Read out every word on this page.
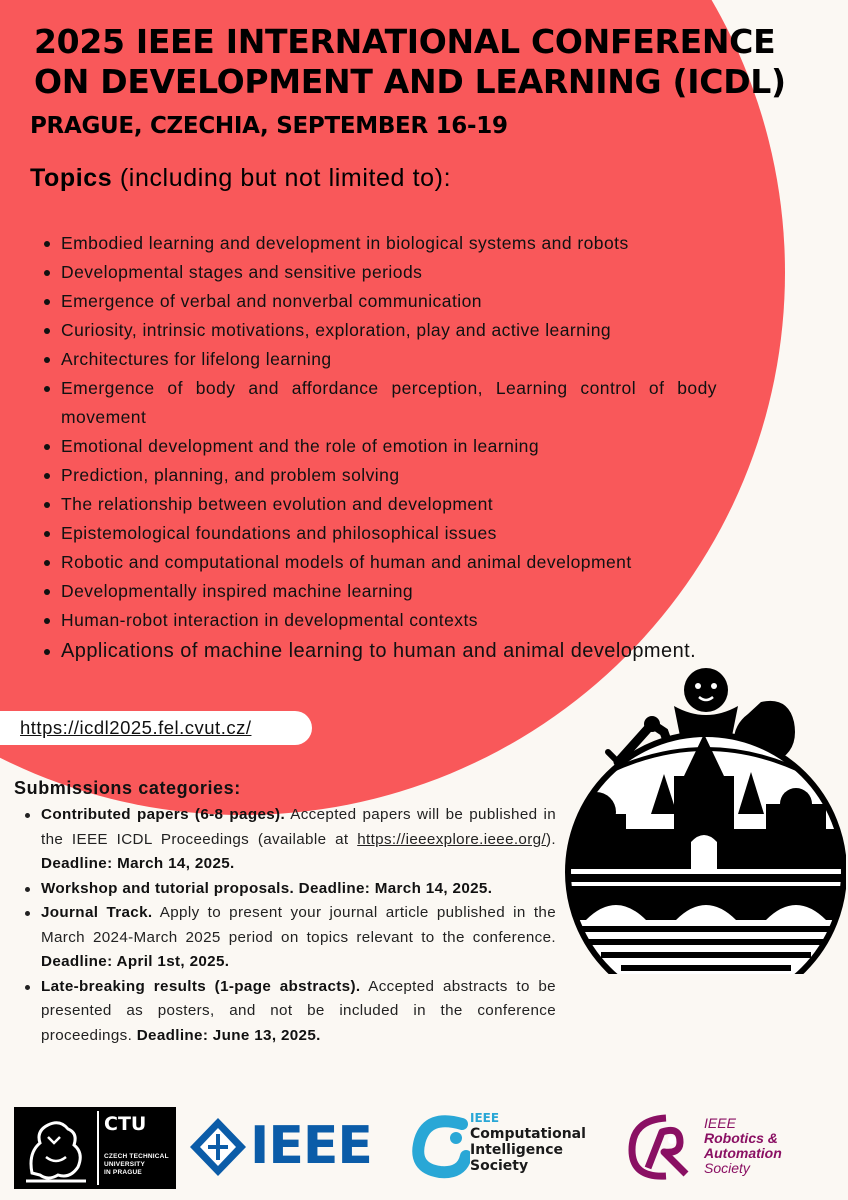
2025 IEEE INTERNATIONAL CONFERENCE
ON DEVELOPMENT AND LEARNING (ICDL)
PRAGUE, CZECHIA, SEPTEMBER 16-19
Topics (including but not limited to):
Embodied learning and development in biological systems and robots
Developmental stages and sensitive periods
Emergence of verbal and nonverbal communication
Curiosity, intrinsic motivations, exploration, play and active learning
Architectures for lifelong learning
Emergence of body and affordance perception, Learning control of body movement
Emotional development and the role of emotion in learning
Prediction, planning, and problem solving
The relationship between evolution and development
Epistemological foundations and philosophical issues
Robotic and computational models of human and animal development
Developmentally inspired machine learning
Human-robot interaction in developmental contexts
Applications of machine learning to human and animal development.
https://icdl2025.fel.cvut.cz/
Submissions categories:
Contributed papers (6-8 pages). Accepted papers will be published in the IEEE ICDL Proceedings (available at https://ieeexplore.ieee.org/). Deadline: March 14, 2025.
Workshop and tutorial proposals. Deadline: March 14, 2025.
Journal Track. Apply to present your journal article published in the March 2024-March 2025 period on topics relevant to the conference. Deadline: April 1st, 2025.
Late-breaking results (1-page abstracts). Accepted abstracts to be presented as posters, and not be included in the conference proceedings. Deadline: June 13, 2025.
CTU
CZECH TECHNICAL
UNIVERSITY
IN PRAGUE	IEEE	IEEE
Computational
Intelligence
Society
IEEE
Robotics &
Automation
Society
